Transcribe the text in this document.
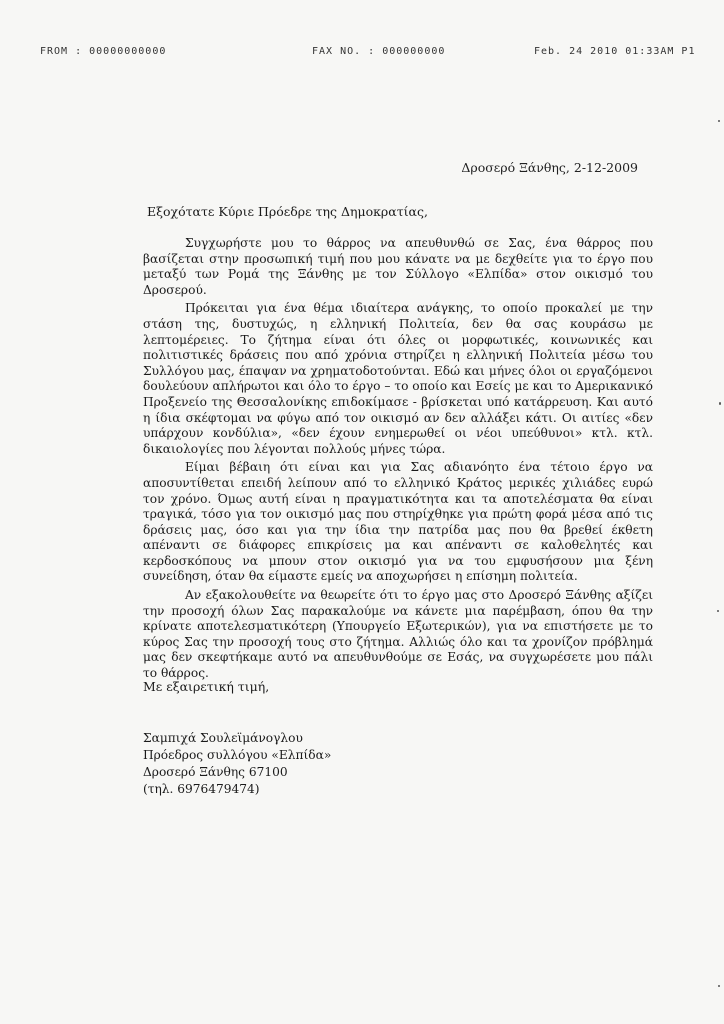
FROM : 00000000000	FAX NO. : 000000000	Feb. 24 2010 01:33AM P1
Δροσερό Ξάνθης, 2-12-2009
Εξοχότατε Κύριε Πρόεδρε της Δημοκρατίας,

Συγχωρήστε μου το θάρρος να απευθυνθώ σε Σας, ένα θάρρος που βασίζεται στην προσωπική τιμή που μου κάνατε να με δεχθείτε για το έργο που μεταξύ των Ρομά της Ξάνθης με τον Σύλλογο «Ελπίδα» στον οικισμό του Δροσερού.

Πρόκειται για ένα θέμα ιδιαίτερα ανάγκης, το οποίο προκαλεί με την στάση της, δυστυχώς, η ελληνική Πολιτεία, δεν θα σας κουράσω με λεπτομέρειες. Το ζήτημα είναι ότι όλες οι μορφωτικές, κοινωνικές και πολιτιστικές δράσεις που από χρόνια στηρίζει η ελληνική Πολιτεία μέσω του Συλλόγου μας, έπαψαν να χρηματοδοτούνται. Εδώ και μήνες όλοι οι εργαζόμενοι δουλεύουν απλήρωτοι και όλο το έργο – το οποίο και Εσείς με και το Αμερικανικό Προξενείο της Θεσσαλονίκης επιδοκίμασε - βρίσκεται υπό κατάρρευση. Και αυτό η ίδια σκέφτομαι να φύγω από τον οικισμό αν δεν αλλάξει κάτι. Οι αιτίες «δεν υπάρχουν κονδύλια», «δεν έχουν ενημερωθεί οι νέοι υπεύθυνοι» κτλ. κτλ. δικαιολογίες που λέγονται πολλούς μήνες τώρα.

Είμαι βέβαιη ότι είναι και για Σας αδιανόητο ένα τέτοιο έργο να αποσυντίθεται επειδή λείπουν από το ελληνικό Κράτος μερικές χιλιάδες ευρώ τον χρόνο. Όμως αυτή είναι η πραγματικότητα και τα αποτελέσματα θα είναι τραγικά, τόσο για τον οικισμό μας που στηρίχθηκε για πρώτη φορά μέσα από τις δράσεις μας, όσο και για την ίδια την πατρίδα μας που θα βρεθεί έκθετη απέναντι σε διάφορες επικρίσεις μα και απέναντι σε καλοθελητές και κερδοσκόπους να μπουν στον οικισμό για να του εμφυσήσουν μια ξένη συνείδηση, όταν θα είμαστε εμείς να αποχωρήσει η επίσημη πολιτεία.

Αν εξακολουθείτε να θεωρείτε ότι το έργο μας στο Δροσερό Ξάνθης αξίζει την προσοχή όλων Σας παρακαλούμε να κάνετε μια παρέμβαση, όπου θα την κρίνατε αποτελεσματικότερη (Υπουργείο Εξωτερικών), για να επιστήσετε με το κύρος Σας την προσοχή τους στο ζήτημα. Αλλιώς όλο και τα χρονίζον πρόβλημά μας δεν σκεφτήκαμε αυτό να απευθυνθούμε σε Εσάς, να συγχωρέσετε μου πάλι το θάρρος.

Με εξαιρετική τιμή,
Σαμπιχά Σουλεϊμάνογλου
Πρόεδρος συλλόγου «Ελπίδα»
Δροσερό Ξάνθης 67100
(τηλ. 6976479474)
